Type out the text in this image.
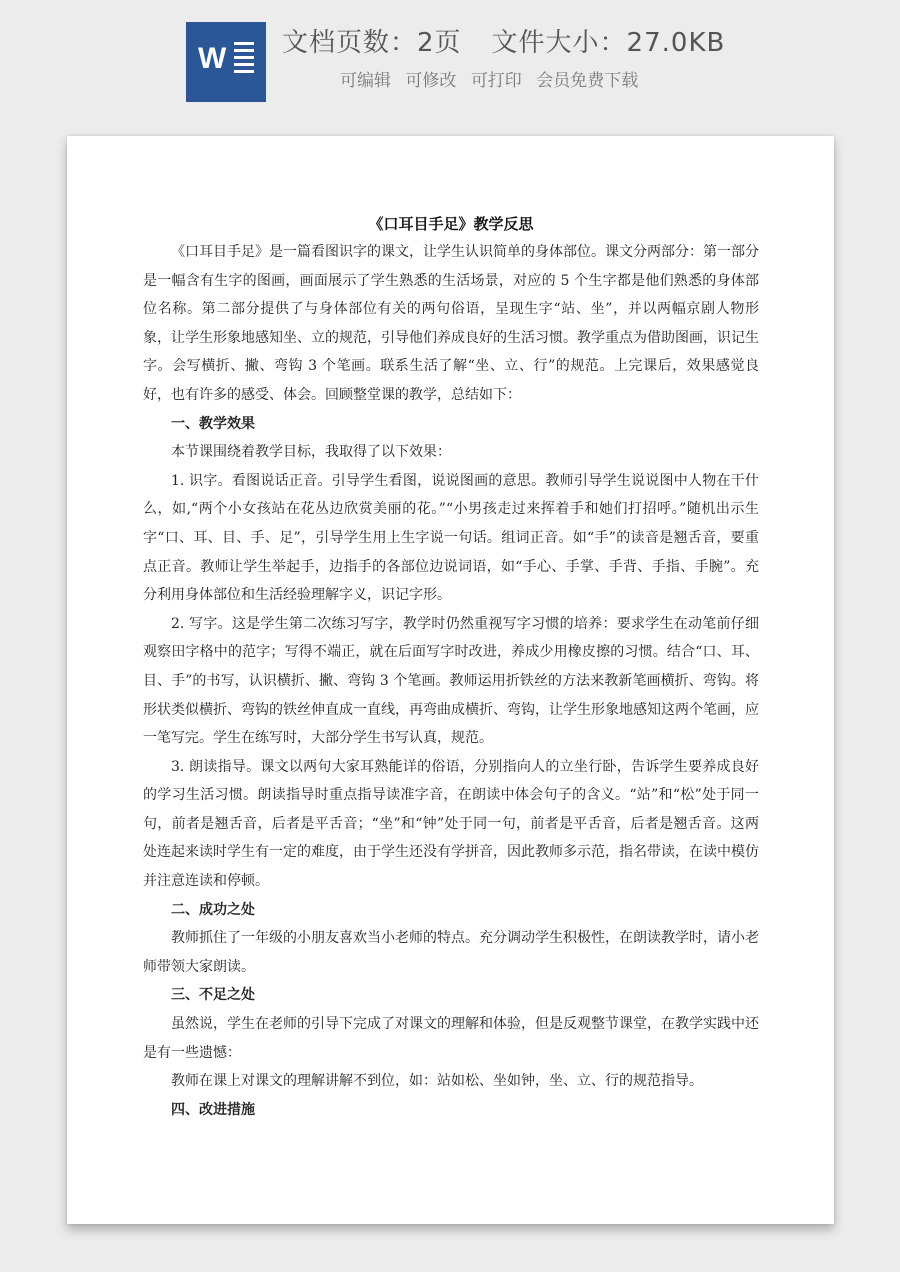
W 文档页数：2页 文件大小：27.0KB
可编辑 可修改 可打印 会员免费下载

《口耳目手足》教学反思

《口耳目手足》是一篇看图识字的课文，让学生认识简单的身体部位。课文分两部分：第一部分是一幅含有生字的图画，画面展示了学生熟悉的生活场景，对应的 5 个生字都是他们熟悉的身体部位名称。第二部分提供了与身体部位有关的两句俗语，呈现生字“站、坐”，并以两幅京剧人物形象，让学生形象地感知坐、立的规范，引导他们养成良好的生活习惯。教学重点为借助图画，识记生字。会写横折、撇、弯钩 3 个笔画。联系生活了解“坐、立、行”的规范。上完课后，效果感觉良好，也有许多的感受、体会。回顾整堂课的教学，总结如下：

一、教学效果

本节课围绕着教学目标，我取得了以下效果：

1. 识字。看图说话正音。引导学生看图，说说图画的意思。教师引导学生说说图中人物在干什么，如,“两个小女孩站在花丛边欣赏美丽的花。”“小男孩走过来挥着手和她们打招呼。”随机出示生字“口、耳、目、手、足”，引导学生用上生字说一句话。组词正音。如“手”的读音是翘舌音，要重点正音。教师让学生举起手，边指手的各部位边说词语，如“手心、手掌、手背、手指、手腕”。充分利用身体部位和生活经验理解字义，识记字形。

2. 写字。这是学生第二次练习写字，教学时仍然重视写字习惯的培养：要求学生在动笔前仔细观察田字格中的范字；写得不端正，就在后面写字时改进，养成少用橡皮擦的习惯。结合“口、耳、目、手”的书写，认识横折、撇、弯钩 3 个笔画。教师运用折铁丝的方法来教新笔画横折、弯钩。将形状类似横折、弯钩的铁丝伸直成一直线，再弯曲成横折、弯钩，让学生形象地感知这两个笔画，应一笔写完。学生在练写时，大部分学生书写认真，规范。

3. 朗读指导。课文以两句大家耳熟能详的俗语，分别指向人的立坐行卧，告诉学生要养成良好的学习生活习惯。朗读指导时重点指导读准字音，在朗读中体会句子的含义。“站”和“松”处于同一句，前者是翘舌音，后者是平舌音；“坐”和“钟”处于同一句，前者是平舌音，后者是翘舌音。这两处连起来读时学生有一定的难度，由于学生还没有学拼音，因此教师多示范，指名带读，在读中模仿并注意连读和停顿。

二、成功之处

教师抓住了一年级的小朋友喜欢当小老师的特点。充分调动学生积极性，在朗读教学时，请小老师带领大家朗读。

三、不足之处

虽然说，学生在老师的引导下完成了对课文的理解和体验，但是反观整节课堂，在教学实践中还是有一些遗憾：

教师在课上对课文的理解讲解不到位，如：站如松、坐如钟，坐、立、行的规范指导。

四、改进措施
